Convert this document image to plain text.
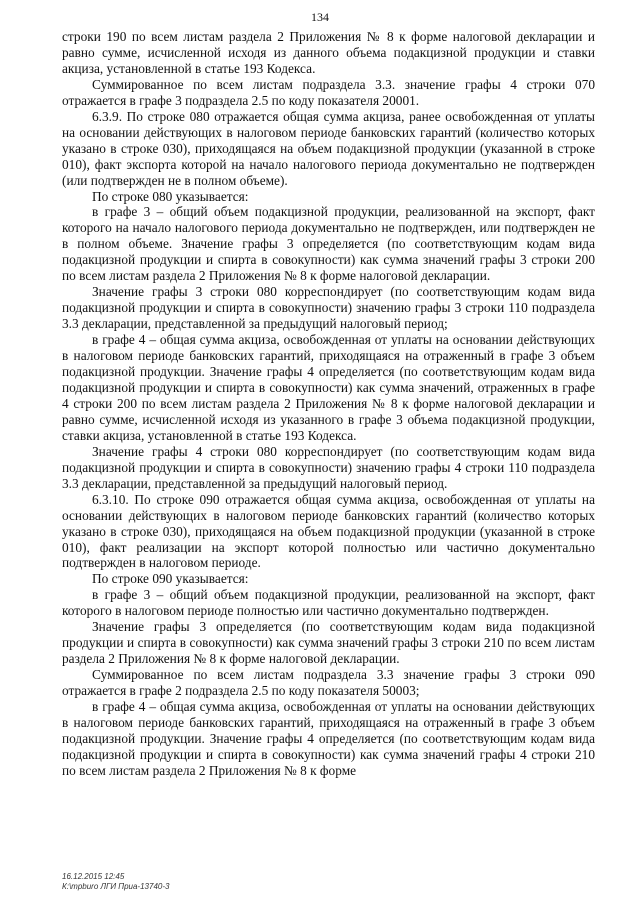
134

строки 190 по всем листам раздела 2 Приложения № 8 к форме налоговой декларации и равно сумме, исчисленной исходя из данного объема подакцизной продукции и ставки акциза, установленной в статье 193 Кодекса.

Суммированное по всем листам подраздела 3.3. значение графы 4 строки 070 отражается в графе 3 подраздела 2.5 по коду показателя 20001.

6.3.9. По строке 080 отражается общая сумма акциза, ранее освобожденная от уплаты на основании действующих в налоговом периоде банковских гарантий (количество которых указано в строке 030), приходящаяся на объем подакцизной продукции (указанной в строке 010), факт экспорта которой на начало налогового периода документально не подтвержден (или подтвержден не в полном объеме).

По строке 080 указывается:

в графе 3 – общий объем подакцизной продукции, реализованной на экспорт, факт которого на начало налогового периода документально не подтвержден, или подтвержден не в полном объеме. Значение графы 3 определяется (по соответствующим кодам вида подакцизной продукции и спирта в совокупности) как сумма значений графы 3 строки 200 по всем листам раздела 2 Приложения № 8 к форме налоговой декларации.

Значение графы 3 строки 080 корреспондирует (по соответствующим кодам вида подакцизной продукции и спирта в совокупности) значению графы 3 строки 110 подраздела 3.3 декларации, представленной за предыдущий налоговый период;

в графе 4 – общая сумма акциза, освобожденная от уплаты на основании действующих в налоговом периоде банковских гарантий, приходящаяся на отраженный в графе 3 объем подакцизной продукции. Значение графы 4 определяется (по соответствующим кодам вида подакцизной продукции и спирта в совокупности) как сумма значений, отраженных в графе 4 строки 200 по всем листам раздела 2 Приложения № 8 к форме налоговой декларации и равно сумме, исчисленной исходя из указанного в графе 3 объема подакцизной продукции, ставки акциза, установленной в статье 193 Кодекса.

Значение графы 4 строки 080 корреспондирует (по соответствующим кодам вида подакцизной продукции и спирта в совокупности) значению графы 4 строки 110 подраздела 3.3 декларации, представленной за предыдущий налоговый период.

6.3.10. По строке 090 отражается общая сумма акциза, освобожденная от уплаты на основании действующих в налоговом периоде банковских гарантий (количество которых указано в строке 030), приходящаяся на объем подакцизной продукции (указанной в строке 010), факт реализации на экспорт которой полностью или частично документально подтвержден в налоговом периоде.

По строке 090 указывается:

в графе 3 – общий объем подакцизной продукции, реализованной на экспорт, факт которого в налоговом периоде полностью или частично документально подтвержден.

Значение графы 3 определяется (по соответствующим кодам вида подакцизной продукции и спирта в совокупности) как сумма значений графы 3 строки 210 по всем листам раздела 2 Приложения № 8 к форме налоговой декларации.

Суммированное по всем листам подраздела 3.3 значение графы 3 строки 090 отражается в графе 2 подраздела 2.5 по коду показателя 50003;

в графе 4 – общая сумма акциза, освобожденная от уплаты на основании действующих в налоговом периоде банковских гарантий, приходящаяся на отраженный в графе 3 объем подакцизной продукции. Значение графы 4 определяется (по соответствующим кодам вида подакцизной продукции и спирта в совокупности) как сумма значений графы 4 строки 210 по всем листам раздела 2 Приложения № 8 к форме

16.12.2015 12:45
К:\mpburo ЛГИ Приа-13740-3
